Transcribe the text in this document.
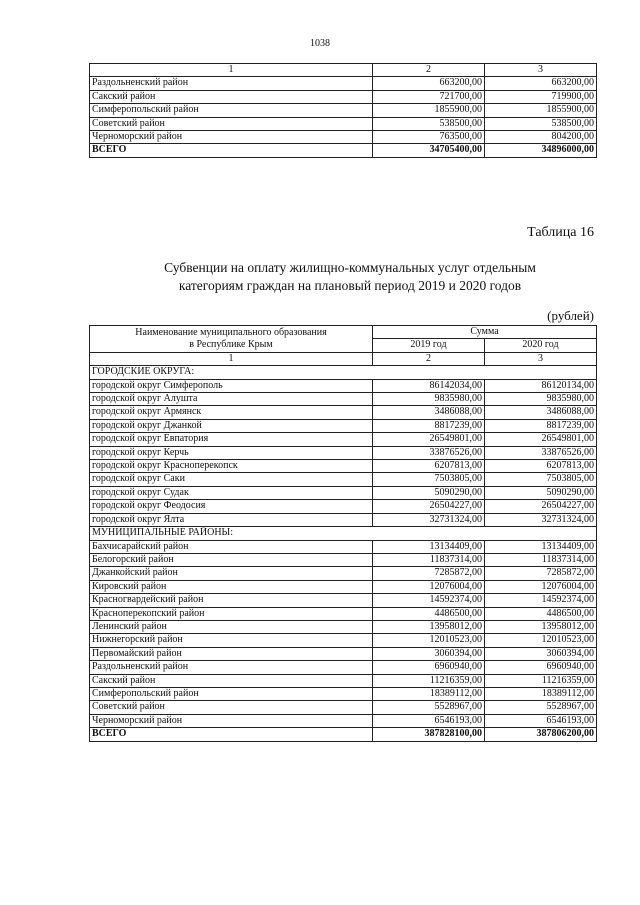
1038
1	2	3
Раздольненский район	663200,00	663200,00
Сакский район	721700,00	719900,00
Симферопольский район	1855900,00	1855900,00
Советский район	538500,00	538500,00
Черноморский район	763500,00	804200,00
ВСЕГО	34705400,00	34896000,00
Таблица 16
Субвенции на оплату жилищно-коммунальных услуг отдельным
категориям граждан на плановый период 2019 и 2020 годов
(рублей)
Наименование муниципального образования
в Республике Крым	Сумма	
	2019 год	2020 год
1	2	3
ГОРОДСКИЕ ОКРУГА:		
городской округ Симферополь	86142034,00	86120134,00
городской округ Алушта	9835980,00	9835980,00
городской округ Армянск	3486088,00	3486088,00
городской округ Джанкой	8817239,00	8817239,00
городской округ Евпатория	26549801,00	26549801,00
городской округ Керчь	33876526,00	33876526,00
городской округ Красноперекопск	6207813,00	6207813,00
городской округ Саки	7503805,00	7503805,00
городской округ Судак	5090290,00	5090290,00
городской округ Феодосия	26504227,00	26504227,00
городской округ Ялта	32731324,00	32731324,00
МУНИЦИПАЛЬНЫЕ РАЙОНЫ:		
Бахчисарайский район	13134409,00	13134409,00
Белогорский район	11837314,00	11837314,00
Джанкойский район	7285872,00	7285872,00
Кировский район	12076004,00	12076004,00
Красногвардейский район	14592374,00	14592374,00
Красноперекопский район	4486500,00	4486500,00
Ленинский район	13958012,00	13958012,00
Нижнегорский район	12010523,00	12010523,00
Первомайский район	3060394,00	3060394,00
Раздольненский район	6960940,00	6960940,00
Сакский район	11216359,00	11216359,00
Симферопольский район	18389112,00	18389112,00
Советский район	5528967,00	5528967,00
Черноморский район	6546193,00	6546193,00
ВСЕГО	387828100,00	387806200,00
